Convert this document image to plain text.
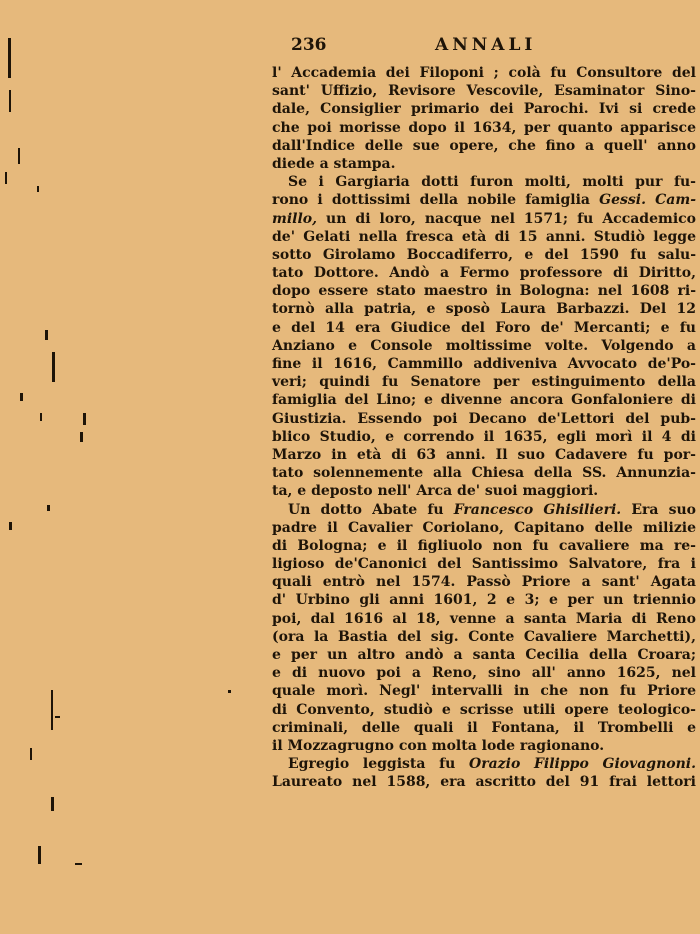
236	ANNALI
l' Accademia dei Filoponi ; colà fu Consultore del
sant' Uffizio, Revisore Vescovile, Esaminator Sino-
dale, Consiglier primario dei Parochi. Ivi si crede
che poi morisse dopo il 1634, per quanto apparisce
dall'Indice delle sue opere, che fino a quell' anno
diede a stampa.
Se i Gargiaria dotti furon molti, molti pur fu-
rono i dottissimi della nobile famiglia Gessi. Cam-
millo, un di loro, nacque nel 1571; fu Accademico
de' Gelati nella fresca età di 15 anni. Studiò legge
sotto Girolamo Boccadiferro, e del 1590 fu salu-
tato Dottore. Andò a Fermo professore di Diritto,
dopo essere stato maestro in Bologna: nel 1608 ri-
tornò alla patria, e sposò Laura Barbazzi. Del 12
e del 14 era Giudice del Foro de' Mercanti; e fu
Anziano e Console moltissime volte. Volgendo a
fine il 1616, Cammillo addiveniva Avvocato de'Po-
veri; quindi fu Senatore per estinguimento della
famiglia del Lino; e divenne ancora Gonfaloniere di
Giustizia. Essendo poi Decano de'Lettori del pub-
blico Studio, e correndo il 1635, egli morì il 4 di
Marzo in età di 63 anni. Il suo Cadavere fu por-
tato solennemente alla Chiesa della SS. Annunzia-
ta, e deposto nell' Arca de' suoi maggiori.
Un dotto Abate fu Francesco Ghisilieri. Era suo
padre il Cavalier Coriolano, Capitano delle milizie
di Bologna; e il figliuolo non fu cavaliere ma re-
ligioso de'Canonici del Santissimo Salvatore, fra i
quali entrò nel 1574. Passò Priore a sant' Agata
d' Urbino gli anni 1601, 2 e 3; e per un triennio
poi, dal 1616 al 18, venne a santa Maria di Reno
(ora la Bastia del sig. Conte Cavaliere Marchetti),
e per un altro andò a santa Cecilia della Croara;
e di nuovo poi a Reno, sino all' anno 1625, nel
quale morì. Negl' intervalli in che non fu Priore
di Convento, studiò e scrisse utili opere teologico-
criminali, delle quali il Fontana, il Trombelli e
il Mozzagrugno con molta lode ragionano.
Egregio leggista fu Orazio Filippo Giovagnoni.
Laureato nel 1588, era ascritto del 91 frai lettori
